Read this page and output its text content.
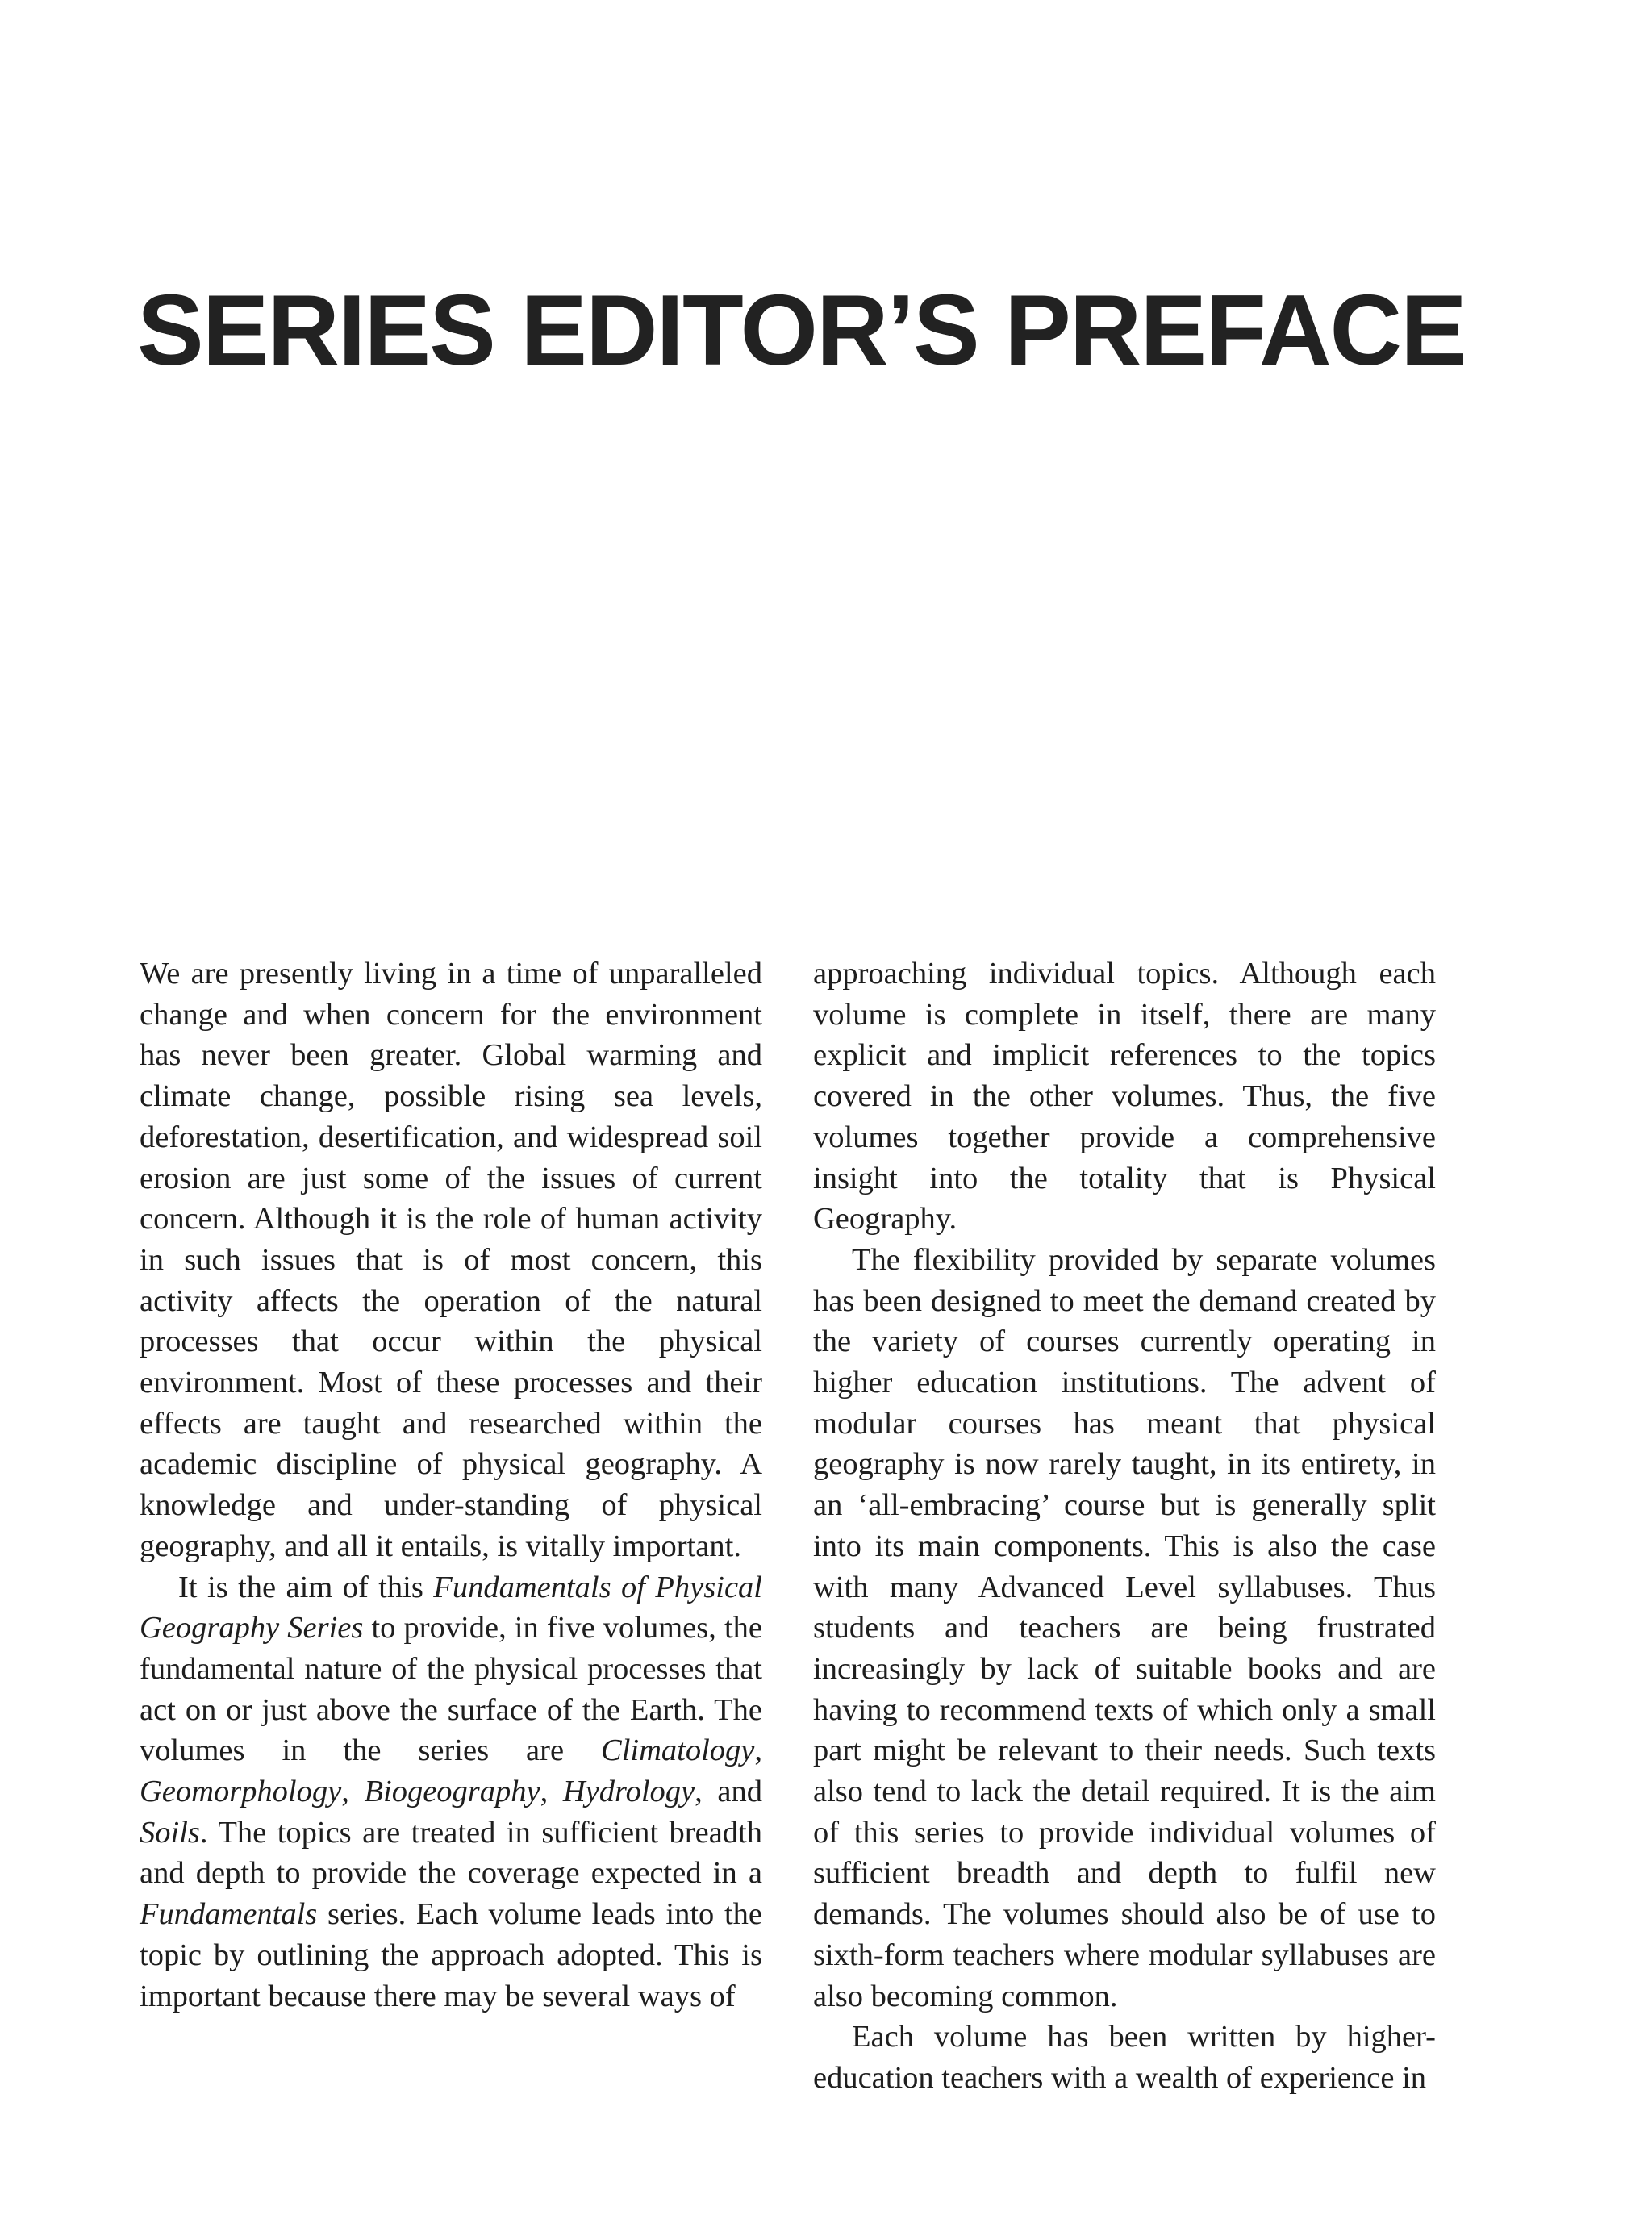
SERIES EDITOR’S PREFACE

We are presently living in a time of unparalleled change and when concern for the environment has never been greater. Global warming and climate change, possible rising sea levels, deforestation, desertification, and widespread soil erosion are just some of the issues of current concern. Although it is the role of human activity in such issues that is of most concern, this activity affects the operation of the natural processes that occur within the physical environment. Most of these processes and their effects are taught and researched within the academic discipline of physical geography. A knowledge and under-standing of physical geography, and all it entails, is vitally important.

It is the aim of this Fundamentals of Physical Geography Series to provide, in five volumes, the fundamental nature of the physical processes that act on or just above the surface of the Earth. The volumes in the series are Climatology, Geomorphology, Biogeography, Hydrology, and Soils. The topics are treated in sufficient breadth and depth to provide the coverage expected in a Fundamentals series. Each volume leads into the topic by outlining the approach adopted. This is important because there may be several ways of

approaching individual topics. Although each volume is complete in itself, there are many explicit and implicit references to the topics covered in the other volumes. Thus, the five volumes together provide a comprehensive insight into the totality that is Physical Geography.

The flexibility provided by separate volumes has been designed to meet the demand created by the variety of courses currently operating in higher education institutions. The advent of modular courses has meant that physical geography is now rarely taught, in its entirety, in an ‘all-embracing’ course but is generally split into its main components. This is also the case with many Advanced Level syllabuses. Thus students and teachers are being frustrated increasingly by lack of suitable books and are having to recommend texts of which only a small part might be relevant to their needs. Such texts also tend to lack the detail required. It is the aim of this series to provide individual volumes of sufficient breadth and depth to fulfil new demands. The volumes should also be of use to sixth-form teachers where modular syllabuses are also becoming common.

Each volume has been written by higher-education teachers with a wealth of experience in
